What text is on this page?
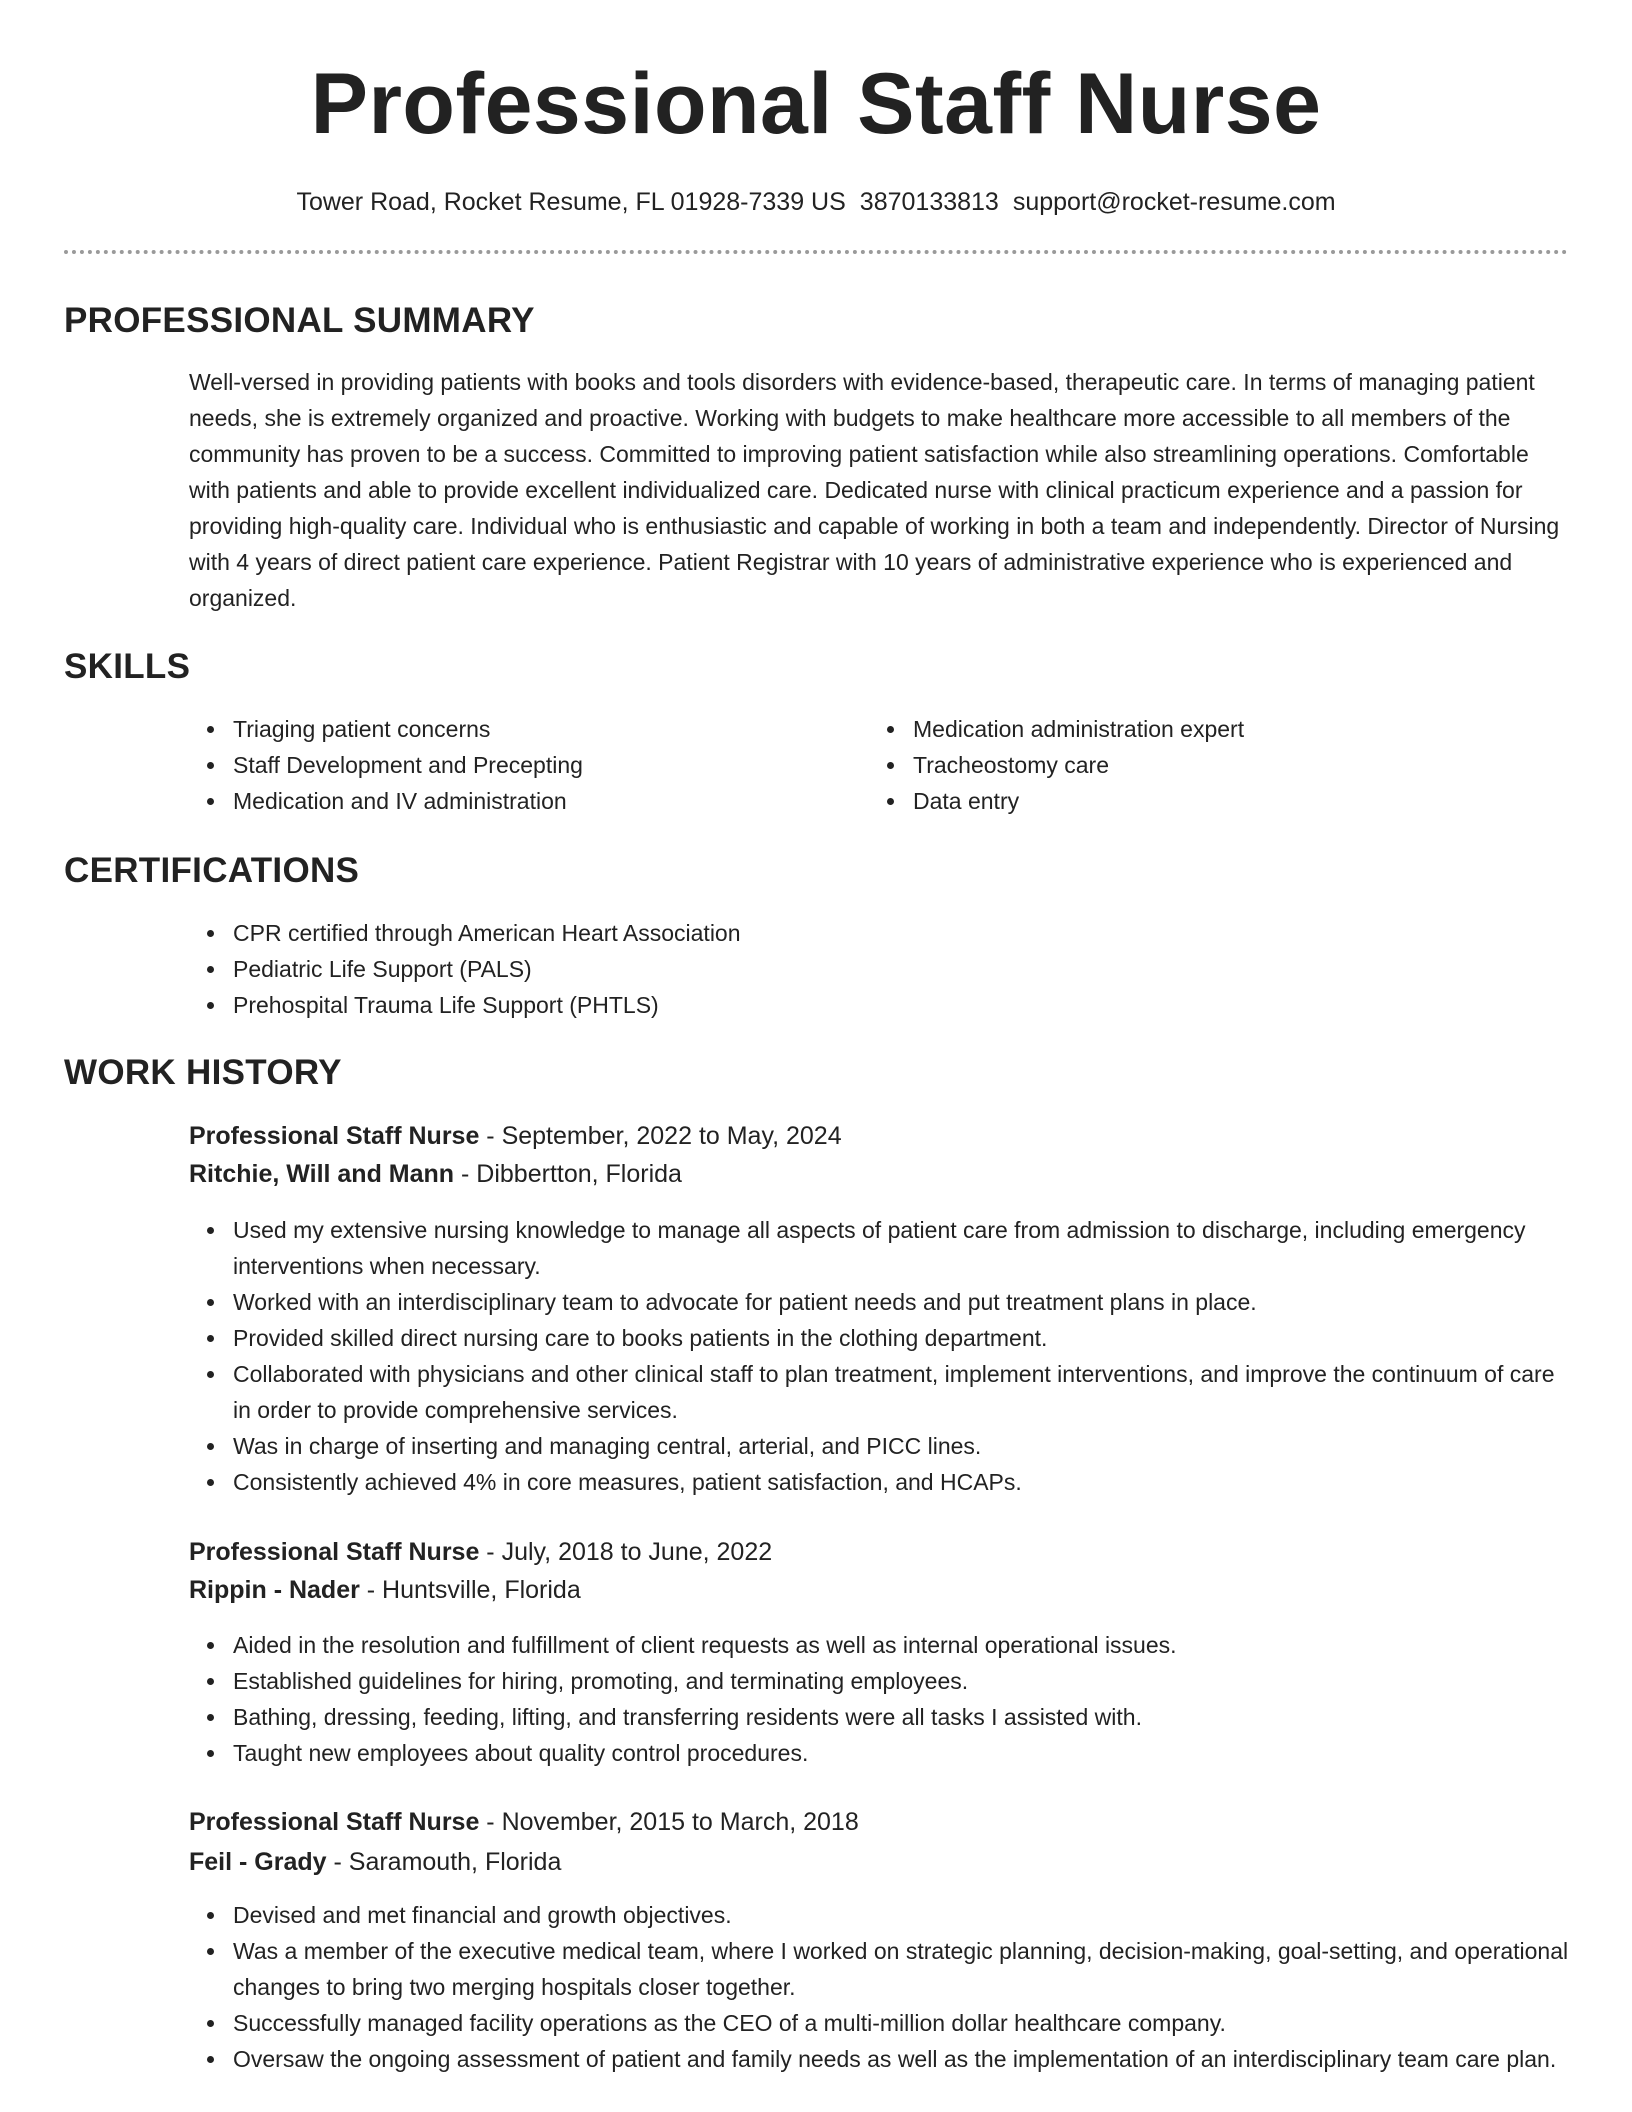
Professional Staff Nurse
Tower Road, Rocket Resume, FL 01928-7339 US 3870133813 support@rocket-resume.com
PROFESSIONAL SUMMARY

Well-versed in providing patients with books and tools disorders with evidence-based, therapeutic care. In terms of managing patient needs, she is extremely organized and proactive. Working with budgets to make healthcare more accessible to all members of the community has proven to be a success. Committed to improving patient satisfaction while also streamlining operations. Comfortable with patients and able to provide excellent individualized care. Dedicated nurse with clinical practicum experience and a passion for providing high-quality care. Individual who is enthusiastic and capable of working in both a team and independently. Director of Nursing with 4 years of direct patient care experience. Patient Registrar with 10 years of administrative experience who is experienced and organized.

SKILLS
Triaging patient concerns
Staff Development and Precepting
Medication and IV administration
Medication administration expert
Tracheostomy care
Data entry
CERTIFICATIONS
CPR certified through American Heart Association
Pediatric Life Support (PALS)
Prehospital Trauma Life Support (PHTLS)
WORK HISTORY
Professional Staff Nurse - September, 2022 to May, 2024
Ritchie, Will and Mann - Dibbertton, Florida
Used my extensive nursing knowledge to manage all aspects of patient care from admission to discharge, including emergency interventions when necessary.
Worked with an interdisciplinary team to advocate for patient needs and put treatment plans in place.
Provided skilled direct nursing care to books patients in the clothing department.
Collaborated with physicians and other clinical staff to plan treatment, implement interventions, and improve the continuum of care in order to provide comprehensive services.
Was in charge of inserting and managing central, arterial, and PICC lines.
Consistently achieved 4% in core measures, patient satisfaction, and HCAPs.
Professional Staff Nurse - July, 2018 to June, 2022
Rippin - Nader - Huntsville, Florida
Aided in the resolution and fulfillment of client requests as well as internal operational issues.
Established guidelines for hiring, promoting, and terminating employees.
Bathing, dressing, feeding, lifting, and transferring residents were all tasks I assisted with.
Taught new employees about quality control procedures.
Professional Staff Nurse - November, 2015 to March, 2018
Feil - Grady - Saramouth, Florida
Devised and met financial and growth objectives.
Was a member of the executive medical team, where I worked on strategic planning, decision-making, goal-setting, and operational changes to bring two merging hospitals closer together.
Successfully managed facility operations as the CEO of a multi-million dollar healthcare company.
Oversaw the ongoing assessment of patient and family needs as well as the implementation of an interdisciplinary team care plan.
